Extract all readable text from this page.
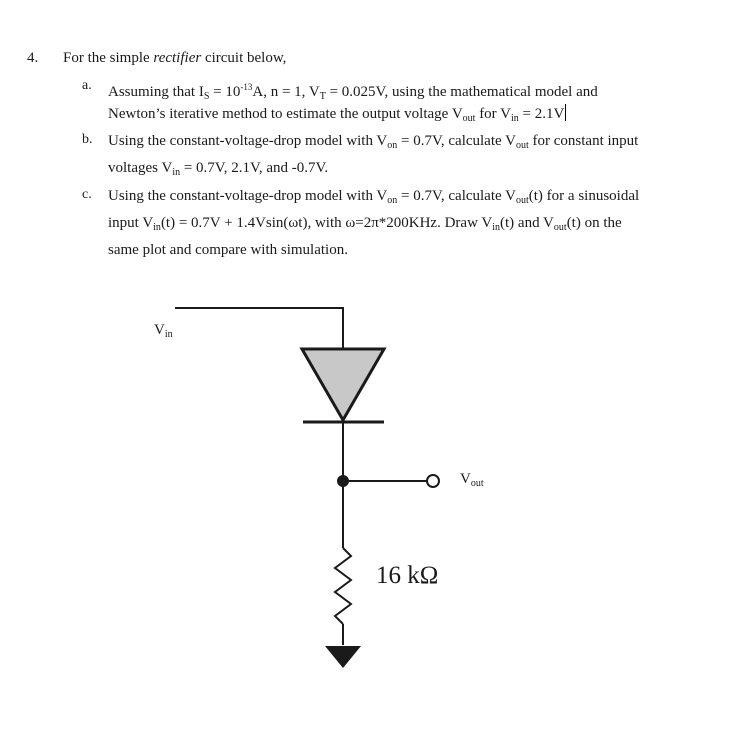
4. For the simple rectifier circuit below,
a. Assuming that $I_S = 10^{-13}A$, n = 1, $V_T = 0.025V$, using the mathematical model and
Newton’s iterative method to estimate the output voltage $V_{out}$ for $V_{in} = 2.1V$
b. Using the constant-voltage-drop model with $V_{on} = 0.7V$, calculate $V_{out}$ for constant input
voltages $V_{in} = 0.7V$, 2.1V, and -0.7V.
c. Using the constant-voltage-drop model with $V_{on} = 0.7V$, calculate $V_{out}(t)$ for a sinusoidal
input $V_{in}(t) = 0.7V + 1.4Vsin(\omega t)$, with ω=2π*200KHz. Draw $V_{in}(t)$ and $V_{out}(t)$ on the
same plot and compare with simulation.
$V_{in}$
$V_{out}$
16 kΩ
